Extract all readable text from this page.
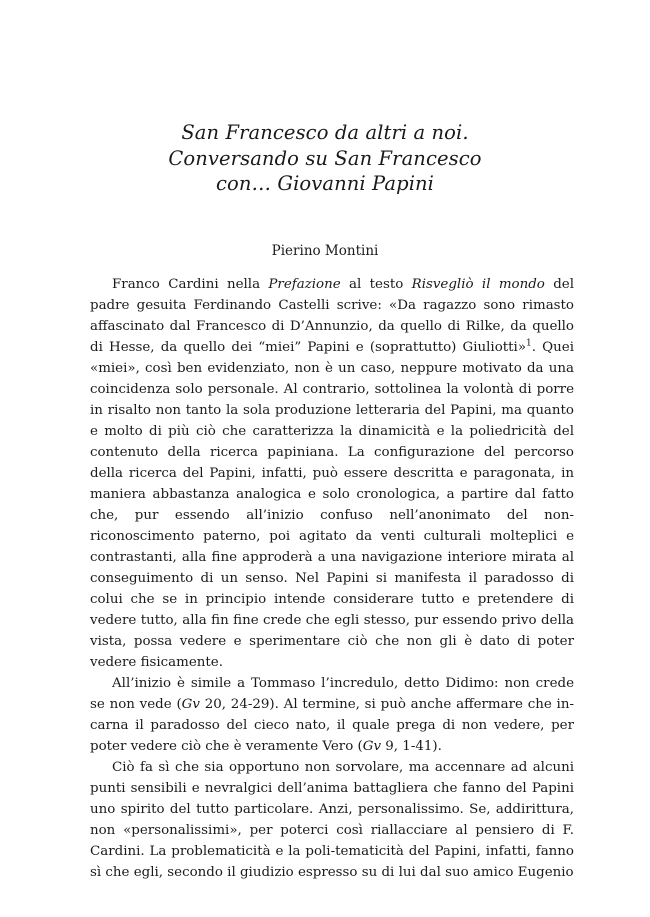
San Francesco da altri a noi.
Conversando su San Francesco
con… Giovanni Papini
Pierino Montini

Franco Cardini nella Prefazione al testo Risvegliò il mondo del padre gesuita Ferdinando Castelli scrive: «Da ragazzo sono rimasto affascinato dal Francesco di D’Annunzio, da quello di Rilke, da quello di Hesse, da quello dei “miei” Papini e (soprattutto) Giuliotti»$^1$. Quei «miei», così ben evidenziato, non è un caso, neppure motivato da una coincidenza solo personale. Al contrario, sottolinea la volontà di porre in risalto non tanto la sola produzione letteraria del Papini, ma quanto e molto di più ciò che caratterizza la dinamicità e la poliedricità del contenuto della ricerca papiniana. La configurazione del percorso della ricerca del Papini, infatti, può essere descritta e paragonata, in maniera abbastanza analogica e solo cronologica, a partire dal fatto che, pur essendo all’inizio confuso nell’anonimato del non-riconoscimento paterno, poi agitato da venti culturali molteplici e contrastanti, alla fine approderà a una navigazione interiore mirata al conseguimento di un senso. Nel Papini si manifesta il paradosso di colui che se in principio intende considerare tutto e pretendere di vedere tutto, alla fin fine crede che egli stesso, pur essendo privo della vista, possa vedere e sperimentare ciò che non gli è dato di poter vedere fisicamente.

All’inizio è simile a Tommaso l’incredulo, detto Didimo: non crede se non vede (Gv 20, 24-29). Al termine, si può anche affermare che incarna il paradosso del cieco nato, il quale prega di non vedere, per poter vedere ciò che è veramente Vero (Gv 9, 1-41).

Ciò fa sì che sia opportuno non sorvolare, ma accennare ad alcuni punti sensibili e nevralgici dell’anima battagliera che fanno del Papini uno spirito del tutto particolare. Anzi, personalissimo. Se, addirittura, non «personalissimi», per poterci così riallacciare al pensiero di F. Cardini. La problematicità e la poli-tematicità del Papini, infatti, fanno sì che egli, secondo il giudizio espresso su di lui dal suo amico Eugenio
